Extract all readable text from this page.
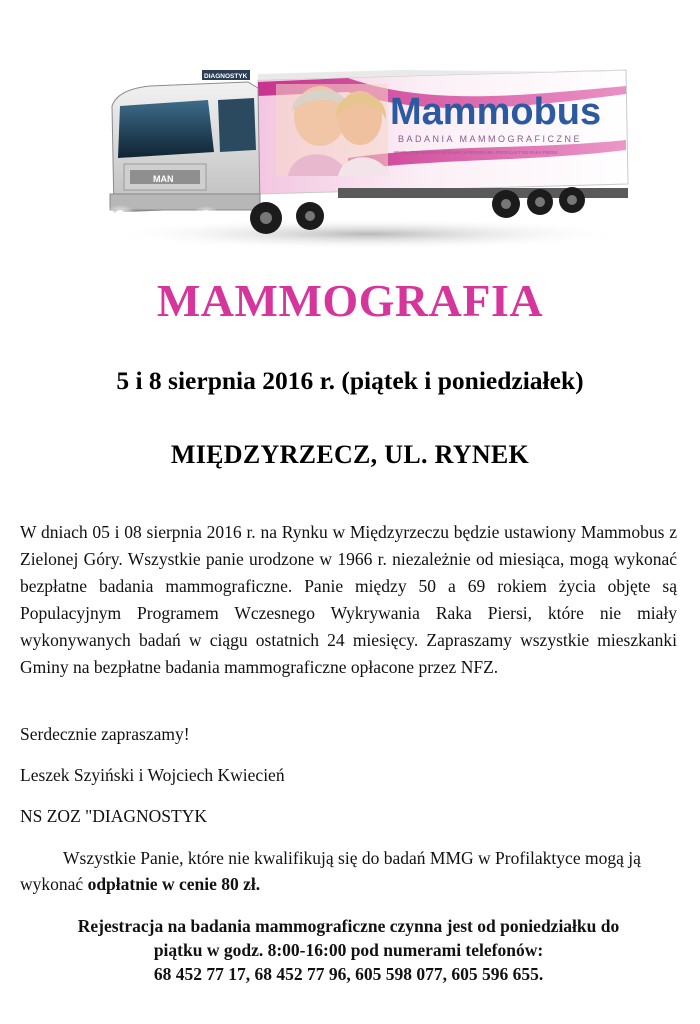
Mammobus
BADANIA MAMMOGRAFICZNE
BEZPŁATNE BADANIA W RAMACH PROGRAMU PROFILAKTYKI RAKA PIERSI
DIAGNOSTYK
MAN
MAMMOGRAFIA
5 i 8 sierpnia 2016 r. (piątek i poniedziałek)
MIĘDZYRZECZ, UL. RYNEK

W dniach 05 i 08 sierpnia 2016 r. na Rynku w Międzyrzeczu będzie ustawiony Mammobus z Zielonej Góry. Wszystkie panie urodzone w 1966 r. niezależnie od miesiąca, mogą wykonać bezpłatne badania mammograficzne. Panie między 50 a 69 rokiem życia objęte są Populacyjnym Programem Wczesnego Wykrywania Raka Piersi, które nie miały wykonywanych badań w ciągu ostatnich 24 miesięcy. Zapraszamy wszystkie mieszkanki Gminy na bezpłatne badania mammograficzne opłacone przez NFZ.

Serdecznie zapraszamy!

Leszek Szyiński i Wojciech Kwiecień

NS ZOZ "DIAGNOSTYK

Wszystkie Panie, które nie kwalifikują się do badań MMG w Profilaktyce mogą ją wykonać odpłatnie w cenie 80 zł.

Rejestracja na badania mammograficzne czynna jest od poniedziałku do
piątku w godz. 8:00-16:00 pod numerami telefonów:
68 452 77 17, 68 452 77 96, 605 598 077, 605 596 655.
